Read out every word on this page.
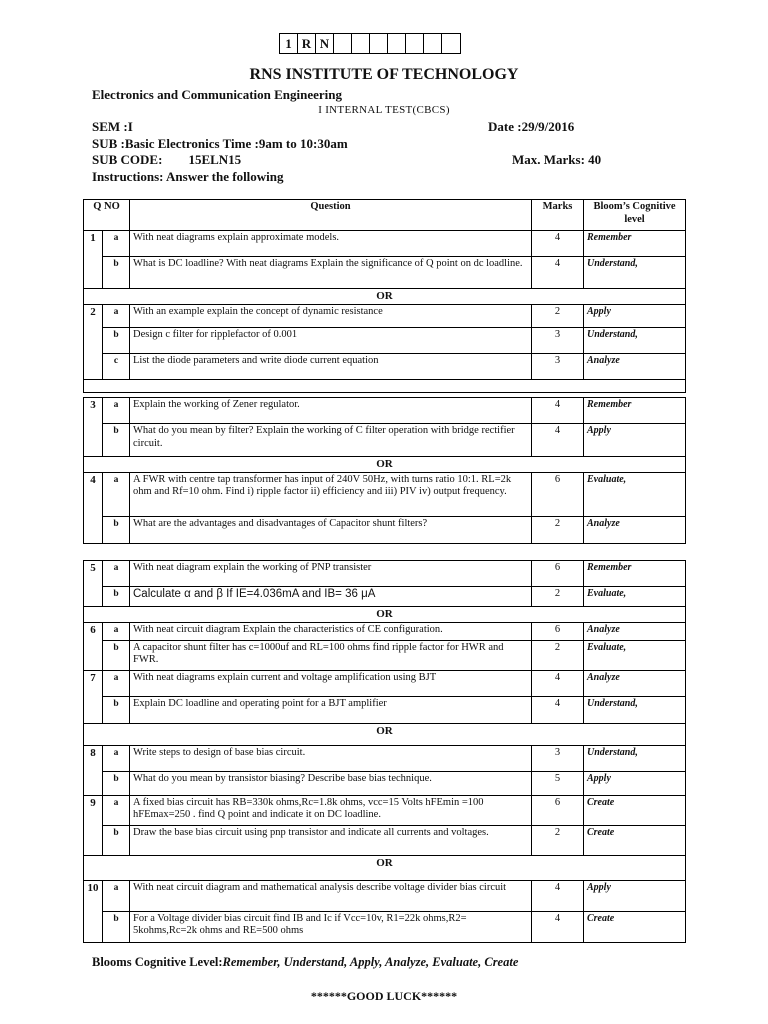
1 R N
RNS INSTITUTE OF TECHNOLOGY
Electronics and Communication Engineering
I INTERNAL TEST(CBCS)
SEM :I	Date :29/9/2016
SUB :Basic Electronics Time :9am to 10:30am
SUB CODE: 15ELN15	Max. Marks: 40
Instructions: Answer the following
Q NO		Question	Marks	Bloom’s Cognitive level
1	a	With neat diagrams explain approximate models.	4	Remember
	b	What is DC loadline? With neat diagrams Explain the significance of Q point on dc loadline.	4	Understand,
OR				
2	a	With an example explain the concept of dynamic resistance	2	Apply
	b	Design c filter for ripplefactor of 0.001	3	Understand,
	c	List the diode parameters and write diode current equation	3	Analyze

3	a	Explain the working of Zener regulator.	4	Remember
	b	What do you mean by filter? Explain the working of C filter operation with bridge rectifier circuit.	4	Apply
OR				
4	a	A FWR with centre tap transformer has input of 240V 50Hz, with turns ratio 10:1. RL=2k ohm and Rf=10 ohm. Find i) ripple factor ii) efficiency and iii) PIV iv) output frequency.	6	Evaluate,
	b	What are the advantages and disadvantages of Capacitor shunt filters?	2	Analyze
5	a	With neat diagram explain the working of PNP transister	6	Remember
	b	Calculate α and β If IE=4.036mA and IB= 36 μA	2	Evaluate,
OR				
6	a	With neat circuit diagram Explain the characteristics of CE configuration.	6	Analyze
	b	A capacitor shunt filter has c=1000uf and RL=100 ohms find ripple factor for HWR and FWR.	2	Evaluate,
7	a	With neat diagrams explain current and voltage amplification using BJT	4	Analyze
	b	Explain DC loadline and operating point for a BJT amplifier	4	Understand,
OR				
8	a	Write steps to design of base bias circuit.	3	Understand,
	b	What do you mean by transistor biasing? Describe base bias technique.	5	Apply
9	a	A fixed bias circuit has RB=330k ohms,Rc=1.8k ohms, vcc=15 Volts hFEmin =100 hFEmax=250 . find Q point and indicate it on DC loadline.	6	Create
	b	Draw the base bias circuit using pnp transistor and indicate all currents and voltages.	2	Create
OR				
10	a	With neat circuit diagram and mathematical analysis describe voltage divider bias circuit	4	Apply
	b	For a Voltage divider bias circuit find IB and Ic if Vcc=10v, R1=22k ohms,R2= 5kohms,Rc=2k ohms and RE=500 ohms	4	Create
Blooms Cognitive Level:Remember, Understand, Apply, Analyze, Evaluate, Create
******GOOD LUCK******
